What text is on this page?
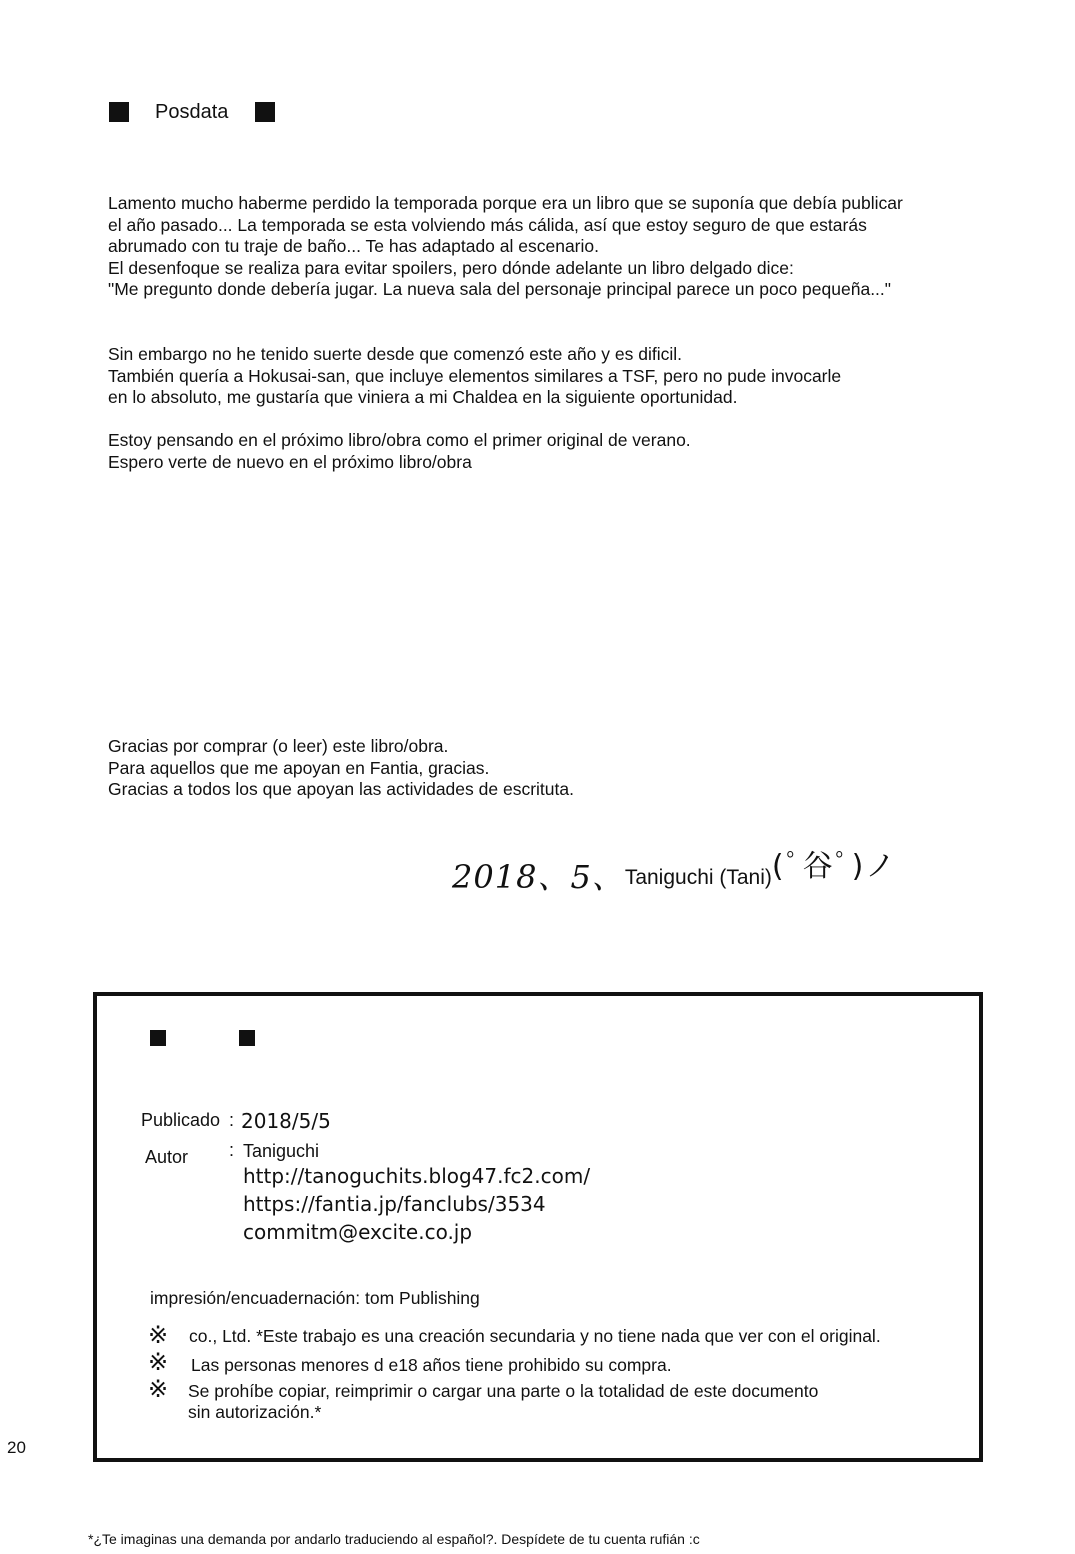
Posdata
Lamento mucho haberme perdido la temporada porque era un libro que se suponía que debía publicar
el año pasado... La temporada se esta volviendo más cálida, así que estoy seguro de que estarás
abrumado con tu traje de baño... Te has adaptado al escenario.
El desenfoque se realiza para evitar spoilers, pero dónde adelante un libro delgado dice:
"Me pregunto donde debería jugar. La nueva sala del personaje principal parece un poco pequeña..."
Sin embargo no he tenido suerte desde que comenzó este año y es dificil.
También quería a Hokusai-san, que incluye elementos similares a TSF, pero no pude invocarle
en lo absoluto, me gustaría que viniera a mi Chaldea en la siguiente oportunidad.
Estoy pensando en el próximo libro/obra como el primer original de verano.
Espero verte de nuevo en el próximo libro/obra
Gracias por comprar (o leer) este libro/obra.
Para aquellos que me apoyan en Fantia, gracias.
Gracias a todos los que apoyan las actividades de escrituta.
2018、5、Taniguchi (Tani)(ﾟ谷ﾟ)ノ
Publicado : 2018/5/5
Autor : Taniguchi
http://tanoguchits.blog47.fc2.com/
https://fantia.jp/fanclubs/3534
commitm@excite.co.jp
impresión/encuadernación: tom Publishing
※ co., Ltd. *Este trabajo es una creación secundaria y no tiene nada que ver con el original.
※ Las personas menores d e18 años tiene prohibido su compra.
※ Se prohíbe copiar, reimprimir o cargar una parte o la totalidad de este documento
sin autorización.*
20
*¿Te imaginas una demanda por andarlo traduciendo al español?. Despídete de tu cuenta rufián :c
